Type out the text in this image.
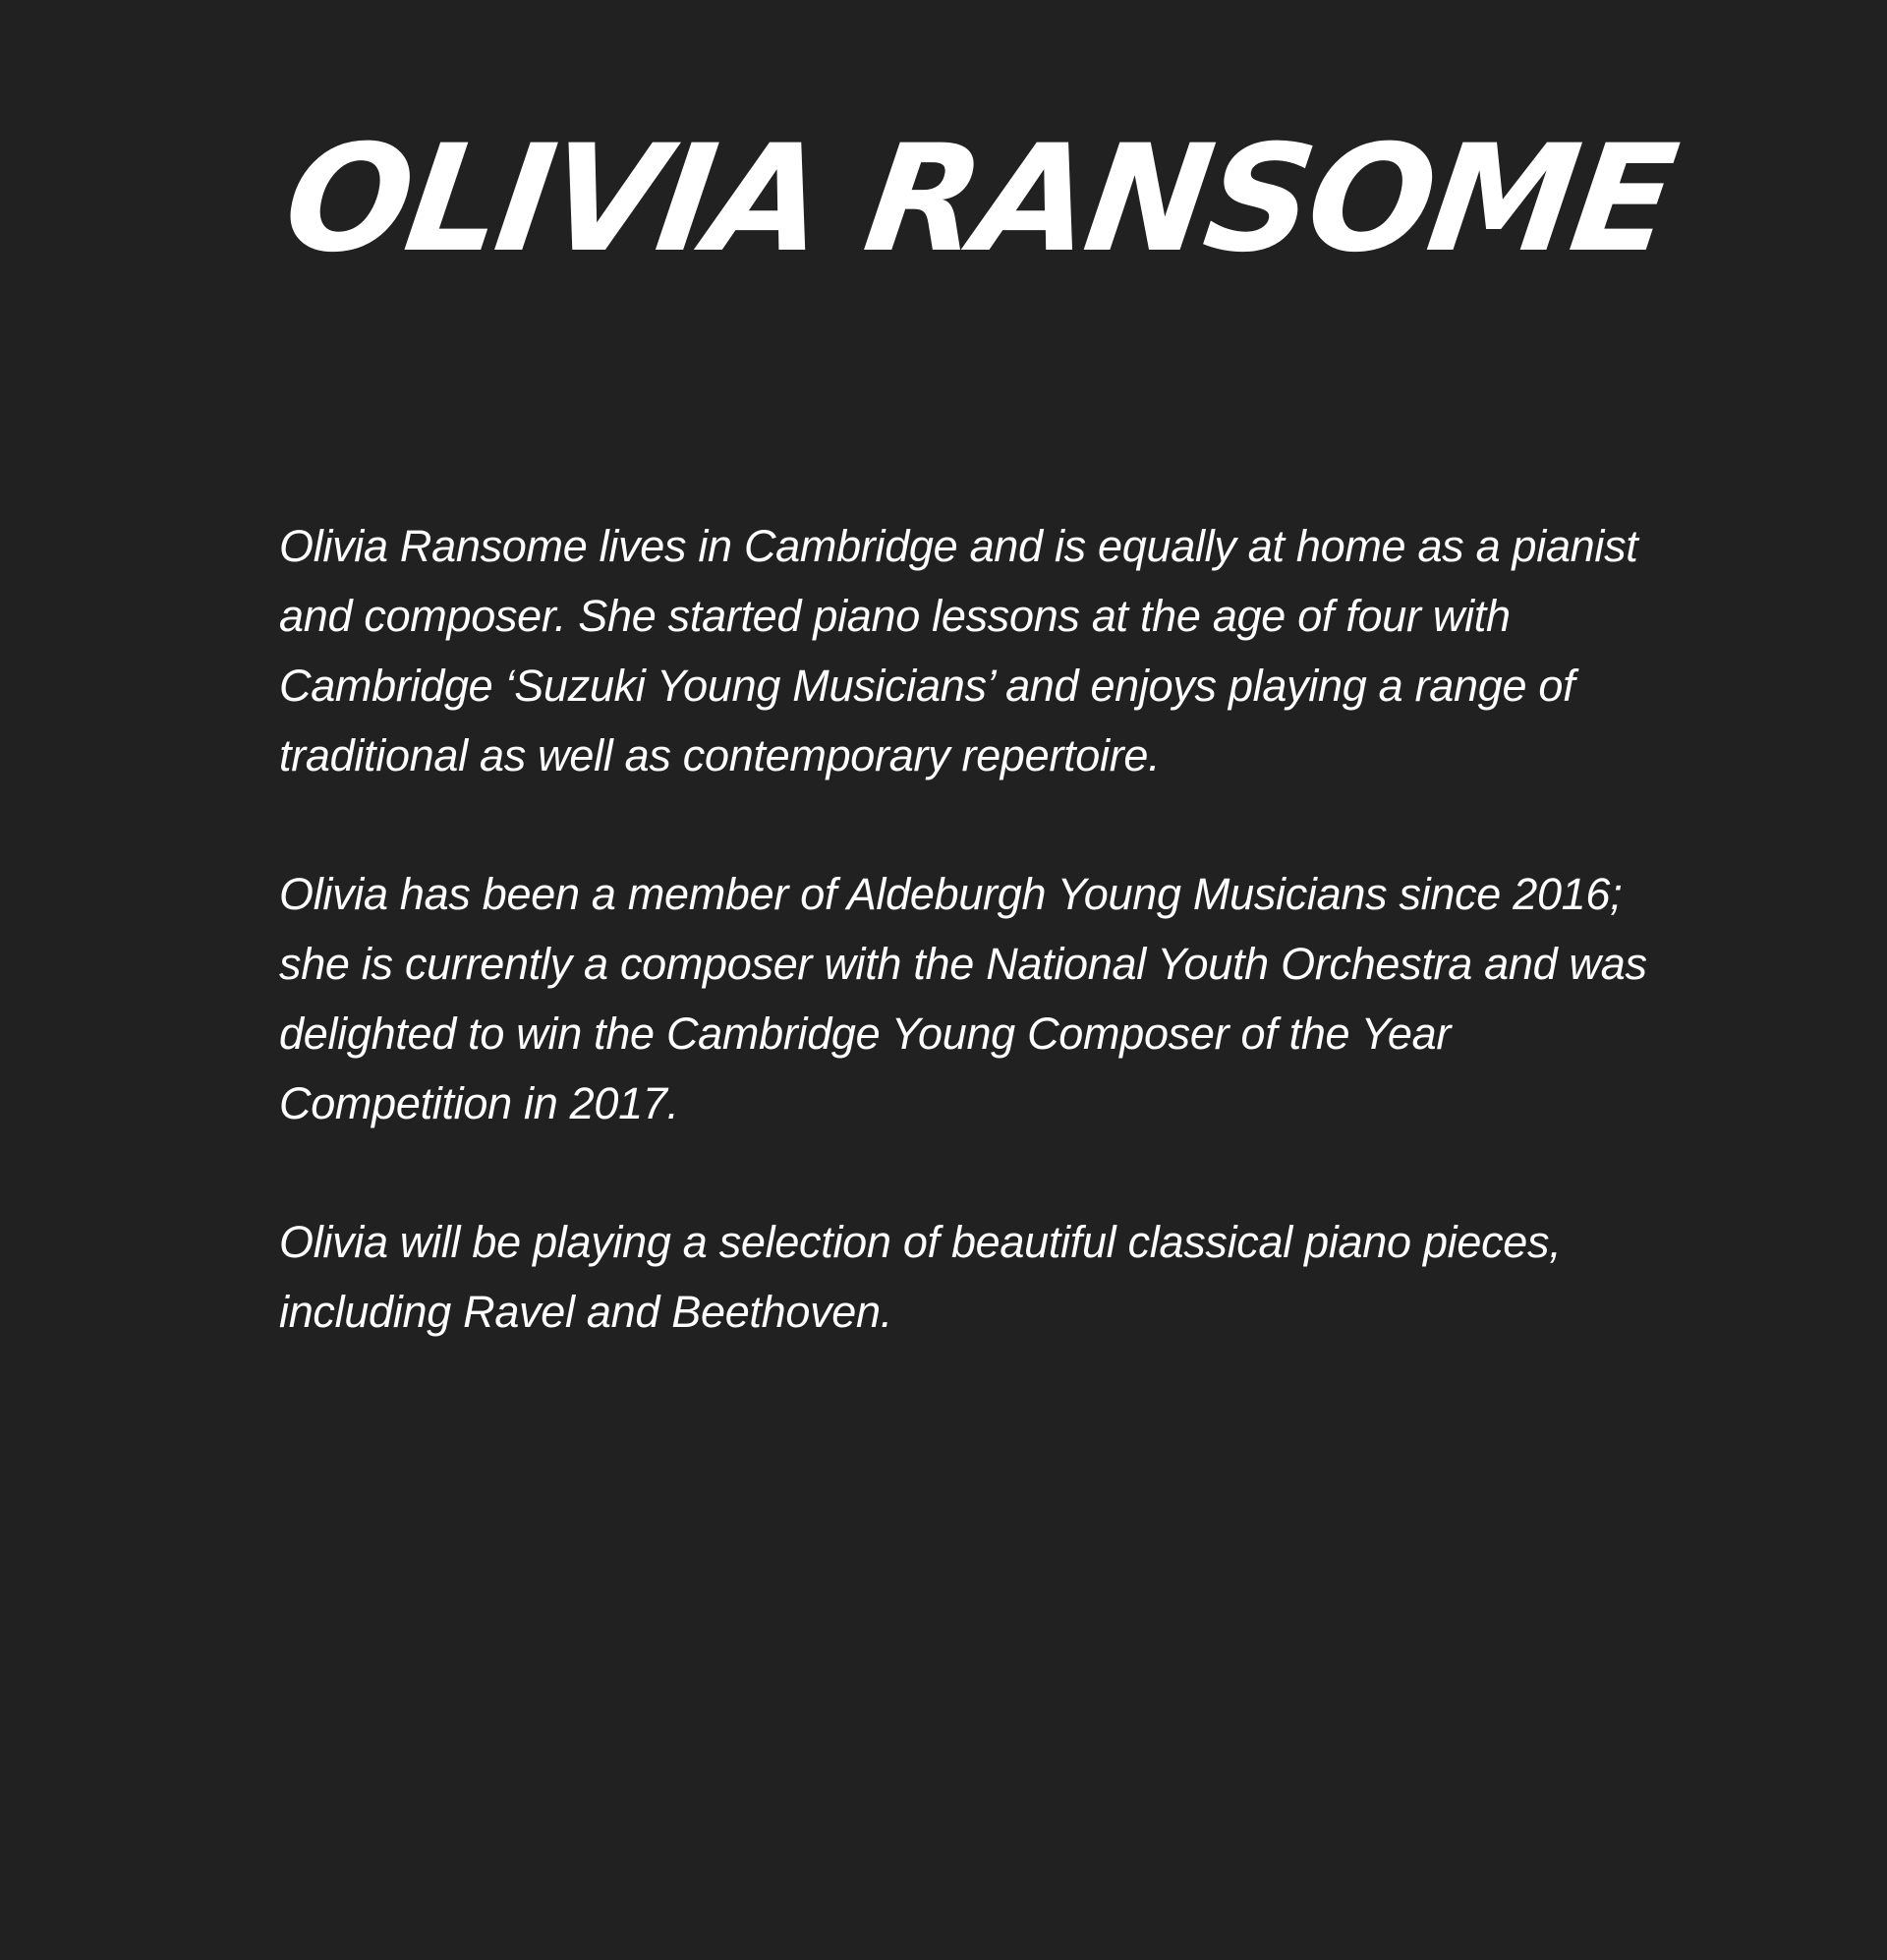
OLIVIA RANSOME

Olivia Ransome lives in Cambridge and is equally at home as a pianist and composer. She started piano lessons at the age of four with Cambridge ‘Suzuki Young Musicians’ and enjoys playing a range of traditional as well as contemporary repertoire.

Olivia has been a member of Aldeburgh Young Musicians since 2016; she is currently a composer with the National Youth Orchestra and was delighted to win the Cambridge Young Composer of the Year Competition in 2017.

Olivia will be playing a selection of beautiful classical piano pieces, including Ravel and Beethoven.
